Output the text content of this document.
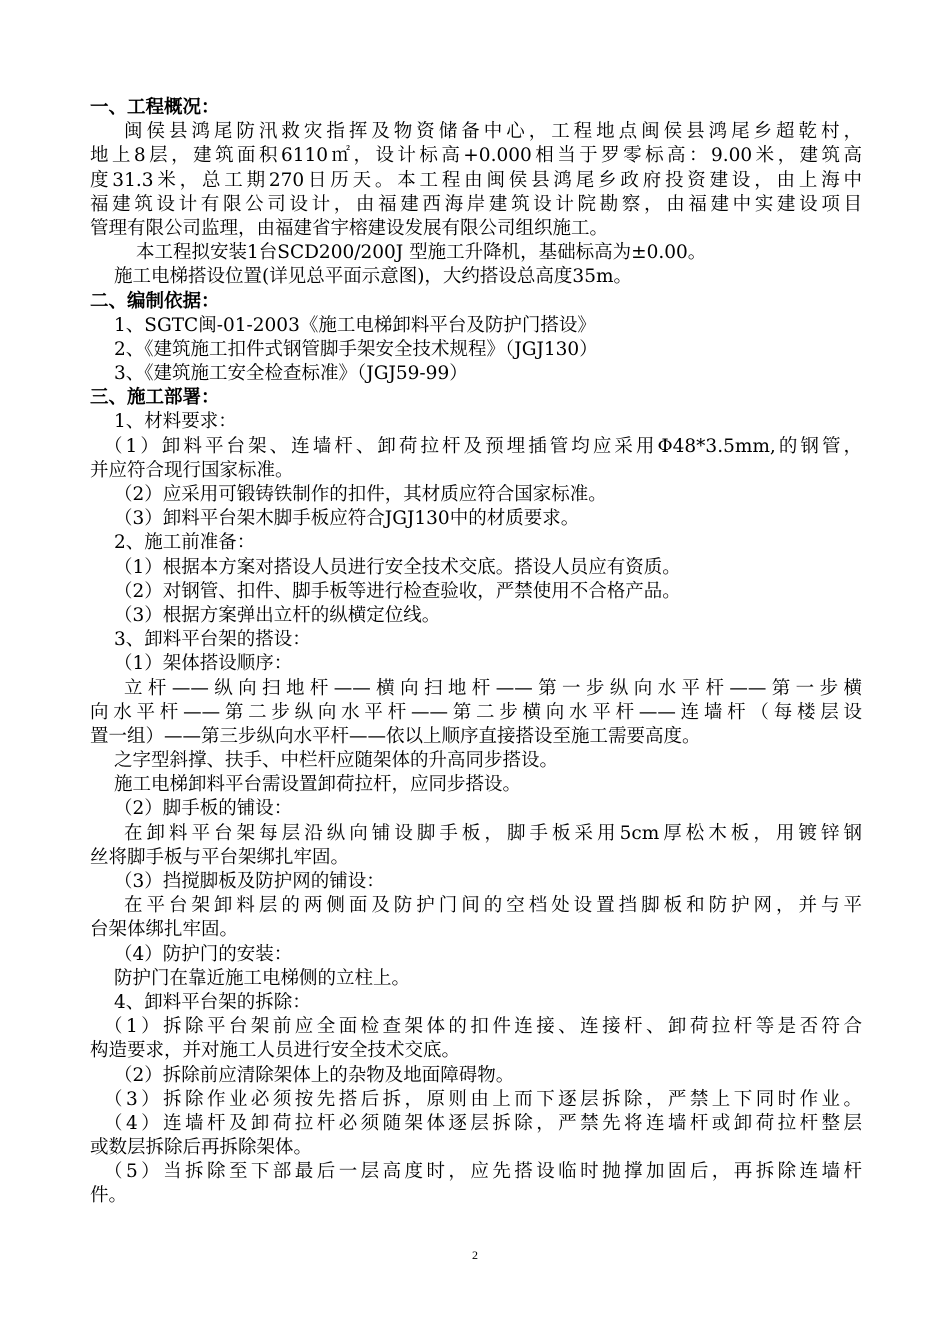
一、工程概况：
闽侯县鸿尾防汛救灾指挥及物资储备中心，工程地点闽侯县鸿尾乡超乾村，
地上8层，建筑面积6110㎡，设计标高+0.000相当于罗零标高：9.00米，建筑高
度31.3米，总工期270日历天。本工程由闽侯县鸿尾乡政府投资建设，由上海中
福建筑设计有限公司设计，由福建西海岸建筑设计院勘察，由福建中实建设项目
管理有限公司监理，由福建省宇榕建设发展有限公司组织施工。
本工程拟安装1台SCD200/200J 型施工升降机，基础标高为±0.00。
施工电梯搭设位置(详见总平面示意图)，大约搭设总高度35m。
二、编制依据：
1、SGTC闽-01-2003《施工电梯卸料平台及防护门搭设》
2、《建筑施工扣件式钢管脚手架安全技术规程》（JGJ130）
3、《建筑施工安全检查标准》（JGJ59-99）
三、施工部署：
1、材料要求：
（1）卸料平台架、连墙杆、卸荷拉杆及预埋插管均应采用Φ48*3.5mm,的钢管，
并应符合现行国家标准。
（2）应采用可锻铸铁制作的扣件，其材质应符合国家标准。
（3）卸料平台架木脚手板应符合JGJ130中的材质要求。
2、施工前准备：
（1）根据本方案对搭设人员进行安全技术交底。搭设人员应有资质。
（2）对钢管、扣件、脚手板等进行检查验收，严禁使用不合格产品。
（3）根据方案弹出立杆的纵横定位线。
3、卸料平台架的搭设：
（1）架体搭设顺序：
立杆——纵向扫地杆——横向扫地杆——第一步纵向水平杆——第一步横
向水平杆——第二步纵向水平杆——第二步横向水平杆——连墙杆（每楼层设
置一组）——第三步纵向水平杆——依以上顺序直接搭设至施工需要高度。
之字型斜撑、扶手、中栏杆应随架体的升高同步搭设。
施工电梯卸料平台需设置卸荷拉杆，应同步搭设。
（2）脚手板的铺设：
在卸料平台架每层沿纵向铺设脚手板，脚手板采用5cm厚松木板，用镀锌钢
丝将脚手板与平台架绑扎牢固。
（3）挡搅脚板及防护网的铺设：
在平台架卸料层的两侧面及防护门间的空档处设置挡脚板和防护网，并与平
台架体绑扎牢固。
（4）防护门的安装：
防护门在靠近施工电梯侧的立柱上。
4、卸料平台架的拆除：
（1）拆除平台架前应全面检查架体的扣件连接、连接杆、卸荷拉杆等是否符合
构造要求，并对施工人员进行安全技术交底。
（2）拆除前应清除架体上的杂物及地面障碍物。
（3）拆除作业必须按先搭后拆，原则由上而下逐层拆除，严禁上下同时作业。
（4）连墙杆及卸荷拉杆必须随架体逐层拆除，严禁先将连墙杆或卸荷拉杆整层
或数层拆除后再拆除架体。
（5）当拆除至下部最后一层高度时，应先搭设临时抛撑加固后，再拆除连墙杆
件。
2
